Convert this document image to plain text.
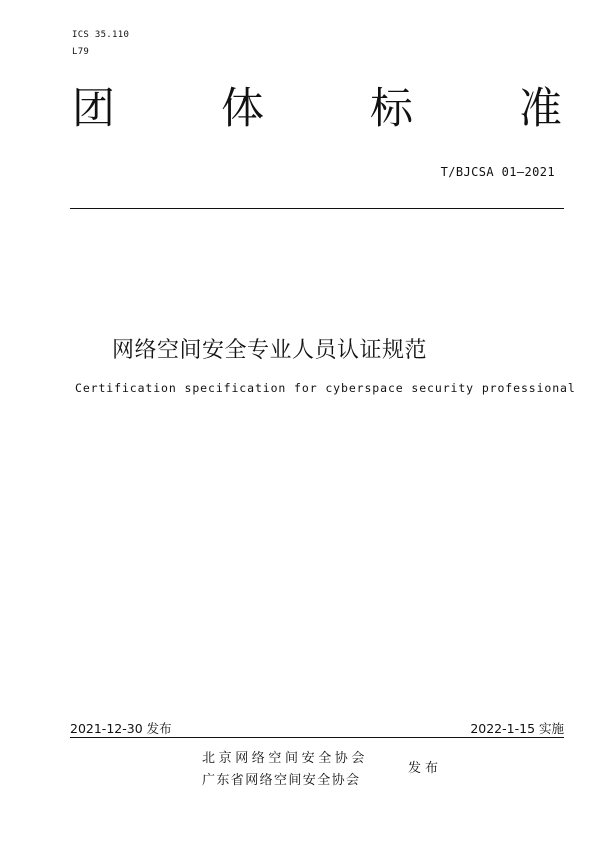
ICS 35.110
L79
团 体 标 准
T/BJCSA 01—2021
网络空间安全专业人员认证规范
Certification specification for cyberspace security professional
2021-12-30 发布	2022-1-15 实施
北京网络空间安全协会
广东省网络空间安全协会
发布
